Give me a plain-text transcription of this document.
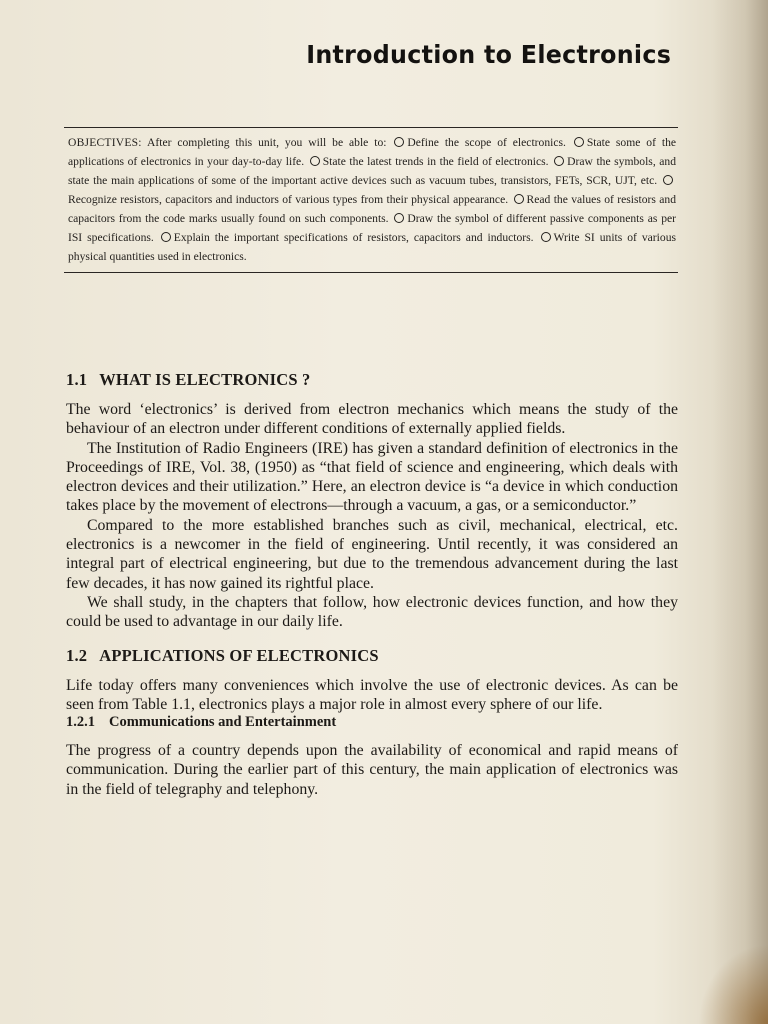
Introduction to Electronics
OBJECTIVES: After completing this unit, you will be able to: Define the scope of electronics. State some of the applications of electronics in your day-to-day life. State the latest trends in the field of electronics. Draw the symbols, and state the main applications of some of the important active devices such as vacuum tubes, transistors, FETs, SCR, UJT, etc. Recognize resistors, capacitors and inductors of various types from their physical appearance. Read the values of resistors and capacitors from the code marks usually found on such components. Draw the symbol of different passive components as per ISI specifications. Explain the important specifications of resistors, capacitors and inductors. Write SI units of various physical quantities used in electronics.
1.1 WHAT IS ELECTRONICS ?

The word ‘electronics’ is derived from electron mechanics which means the study of the behaviour of an electron under different conditions of externally applied fields.

The Institution of Radio Engineers (IRE) has given a standard definition of electronics in the Proceedings of IRE, Vol. 38, (1950) as “that field of science and engineering, which deals with electron devices and their utilization.” Here, an electron device is “a device in which conduction takes place by the movement of electrons—through a vacuum, a gas, or a semiconductor.”

Compared to the more established branches such as civil, mechanical, electrical, etc. electronics is a newcomer in the field of engineering. Until recently, it was considered an integral part of electrical engineering, but due to the tremendous advancement during the last few decades, it has now gained its rightful place.

We shall study, in the chapters that follow, how electronic devices function, and how they could be used to advantage in our daily life.

1.2 APPLICATIONS OF ELECTRONICS

Life today offers many conveniences which involve the use of electronic devices. As can be seen from Table 1.1, electronics plays a major role in almost every sphere of our life.

1.2.1 Communications and Entertainment

The progress of a country depends upon the availability of economical and rapid means of communication. During the earlier part of this century, the main application of electronics was in the field of telegraphy and telephony.
